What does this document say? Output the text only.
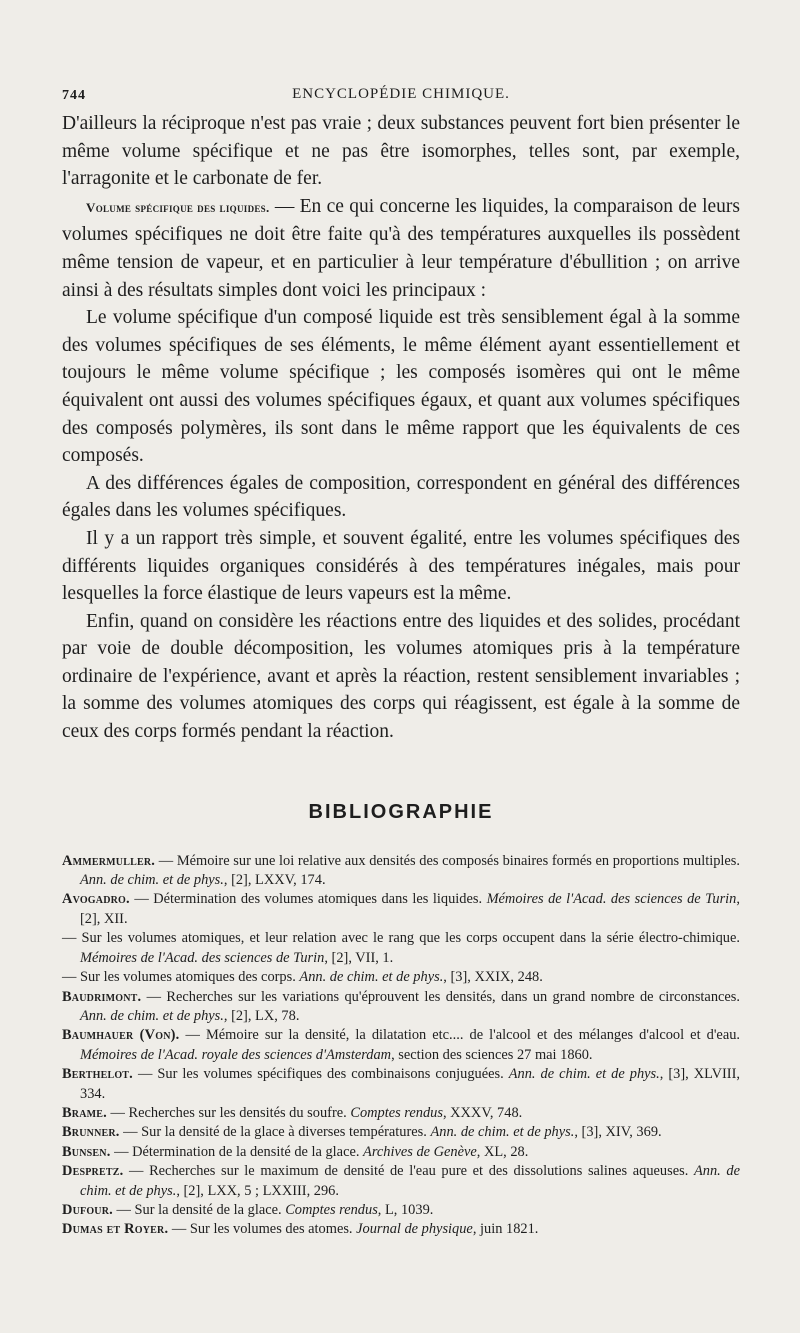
744	ENCYCLOPÉDIE CHIMIQUE.

D'ailleurs la réciproque n'est pas vraie ; deux substances peuvent fort bien présenter le même volume spécifique et ne pas être isomorphes, telles sont, par exemple, l'arragonite et le carbonate de fer.

Volume spécifique des liquides. — En ce qui concerne les liquides, la comparaison de leurs volumes spécifiques ne doit être faite qu'à des températures auxquelles ils possèdent même tension de vapeur, et en particulier à leur température d'ébullition ; on arrive ainsi à des résultats simples dont voici les principaux :

Le volume spécifique d'un composé liquide est très sensiblement égal à la somme des volumes spécifiques de ses éléments, le même élément ayant essentiellement et toujours le même volume spécifique ; les composés isomères qui ont le même équivalent ont aussi des volumes spécifiques égaux, et quant aux volumes spécifiques des composés polymères, ils sont dans le même rapport que les équivalents de ces composés.

A des différences égales de composition, correspondent en général des différences égales dans les volumes spécifiques.

Il y a un rapport très simple, et souvent égalité, entre les volumes spécifiques des différents liquides organiques considérés à des températures inégales, mais pour lesquelles la force élastique de leurs vapeurs est la même.

Enfin, quand on considère les réactions entre des liquides et des solides, procédant par voie de double décomposition, les volumes atomiques pris à la température ordinaire de l'expérience, avant et après la réaction, restent sensiblement invariables ; la somme des volumes atomiques des corps qui réagissent, est égale à la somme de ceux des corps formés pendant la réaction.

BIBLIOGRAPHIE

Ammermuller. — Mémoire sur une loi relative aux densités des composés binaires formés en proportions multiples. Ann. de chim. et de phys., [2], LXXV, 174.

Avogadro. — Détermination des volumes atomiques dans les liquides. Mémoires de l'Acad. des sciences de Turin, [2], XII.

— Sur les volumes atomiques, et leur relation avec le rang que les corps occupent dans la série électro-chimique. Mémoires de l'Acad. des sciences de Turin, [2], VII, 1.

— Sur les volumes atomiques des corps. Ann. de chim. et de phys., [3], XXIX, 248.

Baudrimont. — Recherches sur les variations qu'éprouvent les densités, dans un grand nombre de circonstances. Ann. de chim. et de phys., [2], LX, 78.

Baumhauer (Von). — Mémoire sur la densité, la dilatation etc.... de l'alcool et des mélanges d'alcool et d'eau. Mémoires de l'Acad. royale des sciences d'Amsterdam, section des sciences 27 mai 1860.

Berthelot. — Sur les volumes spécifiques des combinaisons conjuguées. Ann. de chim. et de phys., [3], XLVIII, 334.

Brame. — Recherches sur les densités du soufre. Comptes rendus, XXXV, 748.

Brunner. — Sur la densité de la glace à diverses températures. Ann. de chim. et de phys., [3], XIV, 369.

Bunsen. — Détermination de la densité de la glace. Archives de Genève, XL, 28.

Despretz. — Recherches sur le maximum de densité de l'eau pure et des dissolutions salines aqueuses. Ann. de chim. et de phys., [2], LXX, 5 ; LXXIII, 296.

Dufour. — Sur la densité de la glace. Comptes rendus, L, 1039.

Dumas et Royer. — Sur les volumes des atomes. Journal de physique, juin 1821.
